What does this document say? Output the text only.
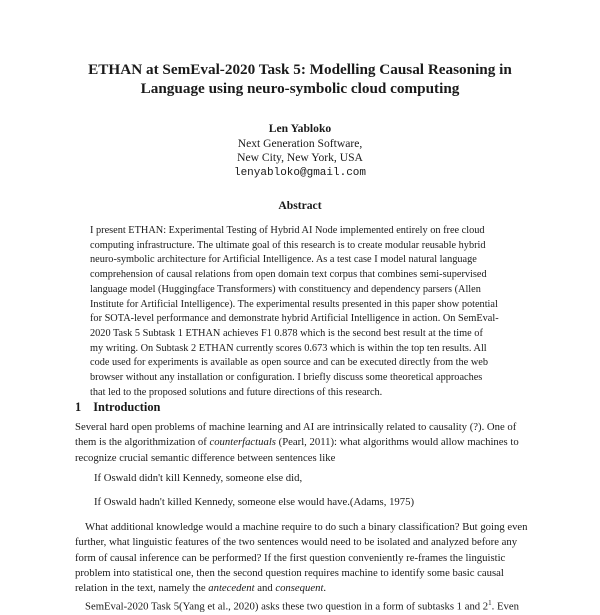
ETHAN at SemEval-2020 Task 5: Modelling Causal Reasoning in
Language using neuro-symbolic cloud computing
Len Yabloko
Next Generation Software,
New City, New York, USA
lenyabloko@gmail.com
Abstract
I present ETHAN: Experimental Testing of Hybrid AI Node implemented entirely on free cloud
computing infrastructure. The ultimate goal of this research is to create modular reusable hybrid
neuro-symbolic architecture for Artificial Intelligence. As a test case I model natural language
comprehension of causal relations from open domain text corpus that combines semi-supervised
language model (Huggingface Transformers) with constituency and dependency parsers (Allen
Institute for Artificial Intelligence). The experimental results presented in this paper show potential
for SOTA-level performance and demonstrate hybrid Artificial Intelligence in action. On SemEval-
2020 Task 5 Subtask 1 ETHAN achieves F1 0.878 which is the second best result at the time of
my writing. On Subtask 2 ETHAN currently scores 0.673 which is within the top ten results. All
code used for experiments is available as open source and can be executed directly from the web
browser without any installation or configuration. I briefly discuss some theoretical approaches
that led to the proposed solutions and future directions of this research.
1 Introduction
Several hard open problems of machine learning and AI are intrinsically related to causality (?). One of
them is the algorithmization of counterfactuals (Pearl, 2011): what algorithms would allow machines to
recognize crucial semantic difference between sentences like
If Oswald didn't kill Kennedy, someone else did,
If Oswald hadn't killed Kennedy, someone else would have.(Adams, 1975)
What additional knowledge would a machine require to do such a binary classification? But going even
further, what linguistic features of the two sentences would need to be isolated and analyzed before any
form of causal inference can be performed? If the first question conveniently re-frames the linguistic
problem into statistical one, then the second question requires machine to identify some basic causal
relation in the text, namely the antecedent and consequent.
SemEval-2020 Task 5(Yang et al., 2020) asks these two question in a form of subtasks 1 and $2^1$. Even
